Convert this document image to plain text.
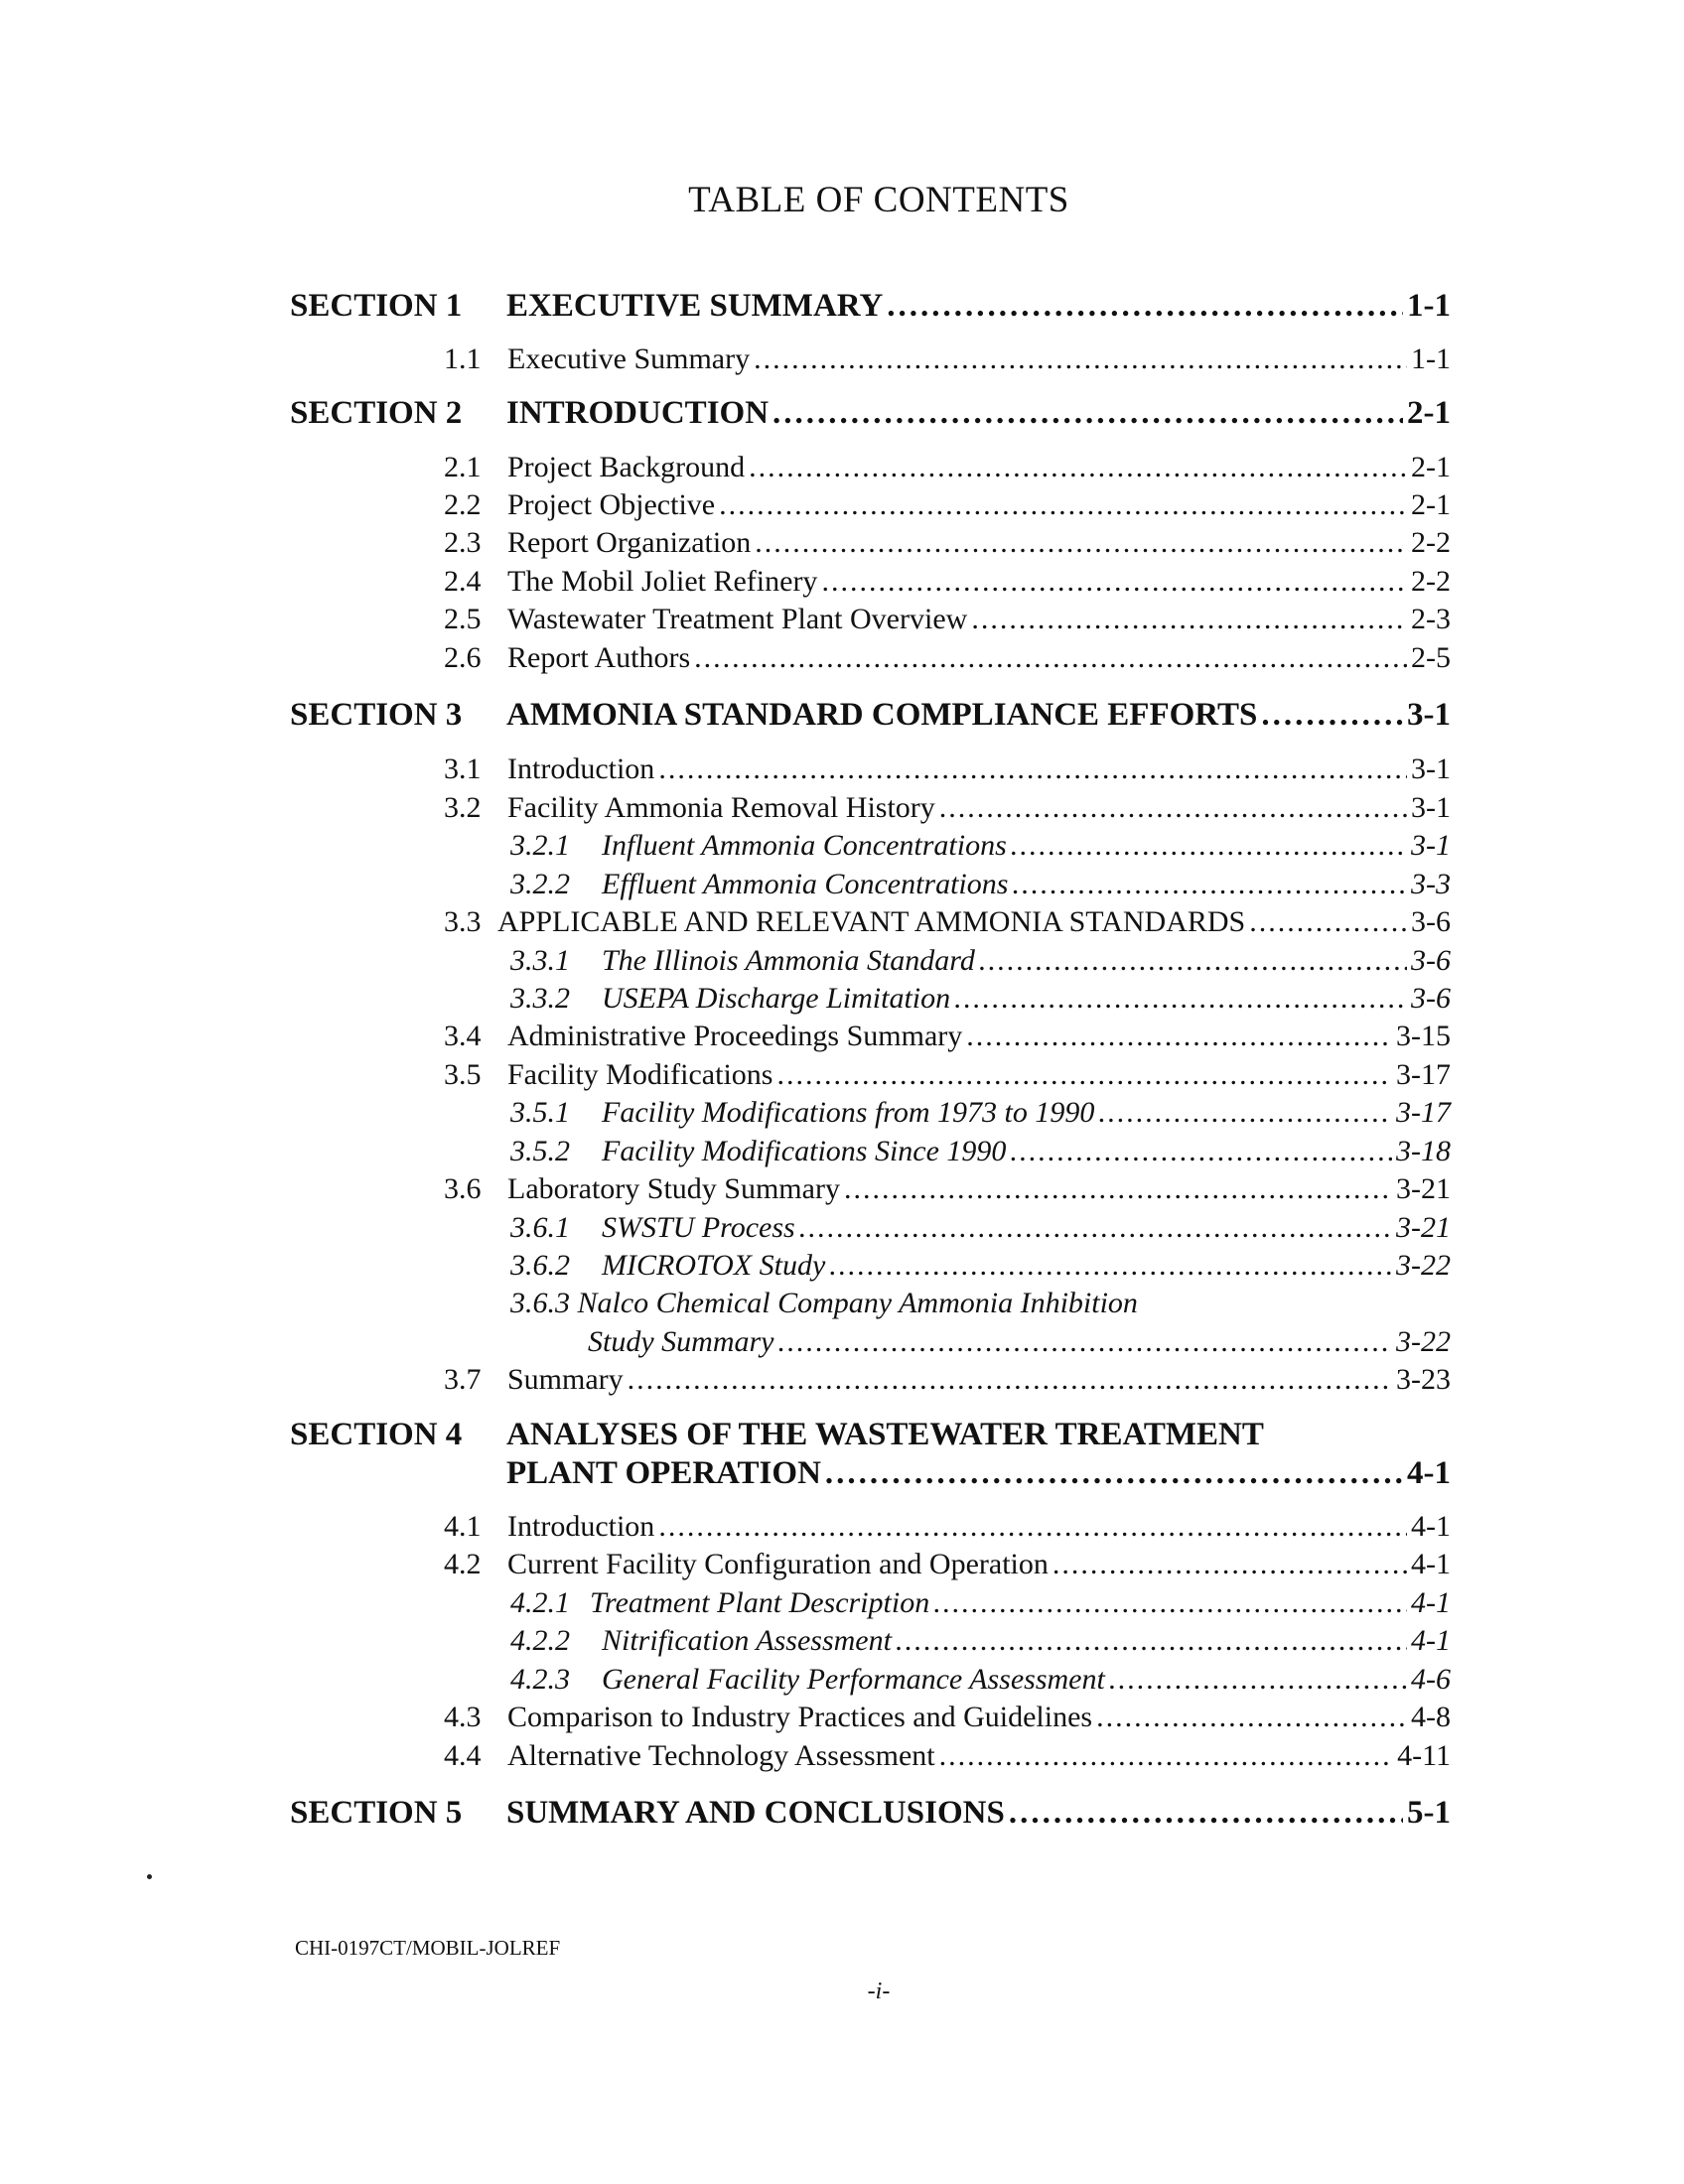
TABLE OF CONTENTS
SECTION 1 EXECUTIVE SUMMARY .....	1-1
1.1 Executive Summary .....	1-1
SECTION 2 INTRODUCTION .....	2-1
2.1 Project Background .....	2-1
2.2 Project Objective .....	2-1
2.3 Report Organization .....	2-2
2.4 The Mobil Joliet Refinery .....	2-2
2.5 Wastewater Treatment Plant Overview .....	2-3
2.6 Report Authors .....	2-5
SECTION 3 AMMONIA STANDARD COMPLIANCE EFFORTS .....	3-1
3.1 Introduction .....	3-1
3.2 Facility Ammonia Removal History .....	3-1
3.2.1	Influent Ammonia Concentrations .....	3-1
3.2.2	Effluent Ammonia Concentrations .....	3-3
3.3 APPLICABLE AND RELEVANT AMMONIA STANDARDS .....	3-6
3.3.1	The Illinois Ammonia Standard .....	3-6
3.3.2	USEPA Discharge Limitation .....	3-6
3.4 Administrative Proceedings Summary .....	3-15
3.5 Facility Modifications .....	3-17
3.5.1	Facility Modifications from 1973 to 1990 .....	3-17
3.5.2	Facility Modifications Since 1990 .....	3-18
3.6 Laboratory Study Summary .....	3-21
3.6.1	SWSTU Process .....	3-21
3.6.2	MICROTOX Study .....	3-22
3.6.3 Nalco Chemical Company Ammonia Inhibition
Study Summary .....	3-22
3.7 Summary .....	3-23
SECTION 4 ANALYSES OF THE WASTEWATER TREATMENT
PLANT OPERATION .....	4-1
4.1 Introduction .....	4-1
4.2 Current Facility Configuration and Operation .....	4-1
4.2.1 Treatment Plant Description .....	4-1
4.2.2	Nitrification Assessment .....	4-1
4.2.3	General Facility Performance Assessment .....	4-6
4.3 Comparison to Industry Practices and Guidelines .....	4-8
4.4 Alternative Technology Assessment .....	4-11
SECTION 5 SUMMARY AND CONCLUSIONS .....	5-1
CHI-0197CT/MOBIL-JOLREF
-i-
